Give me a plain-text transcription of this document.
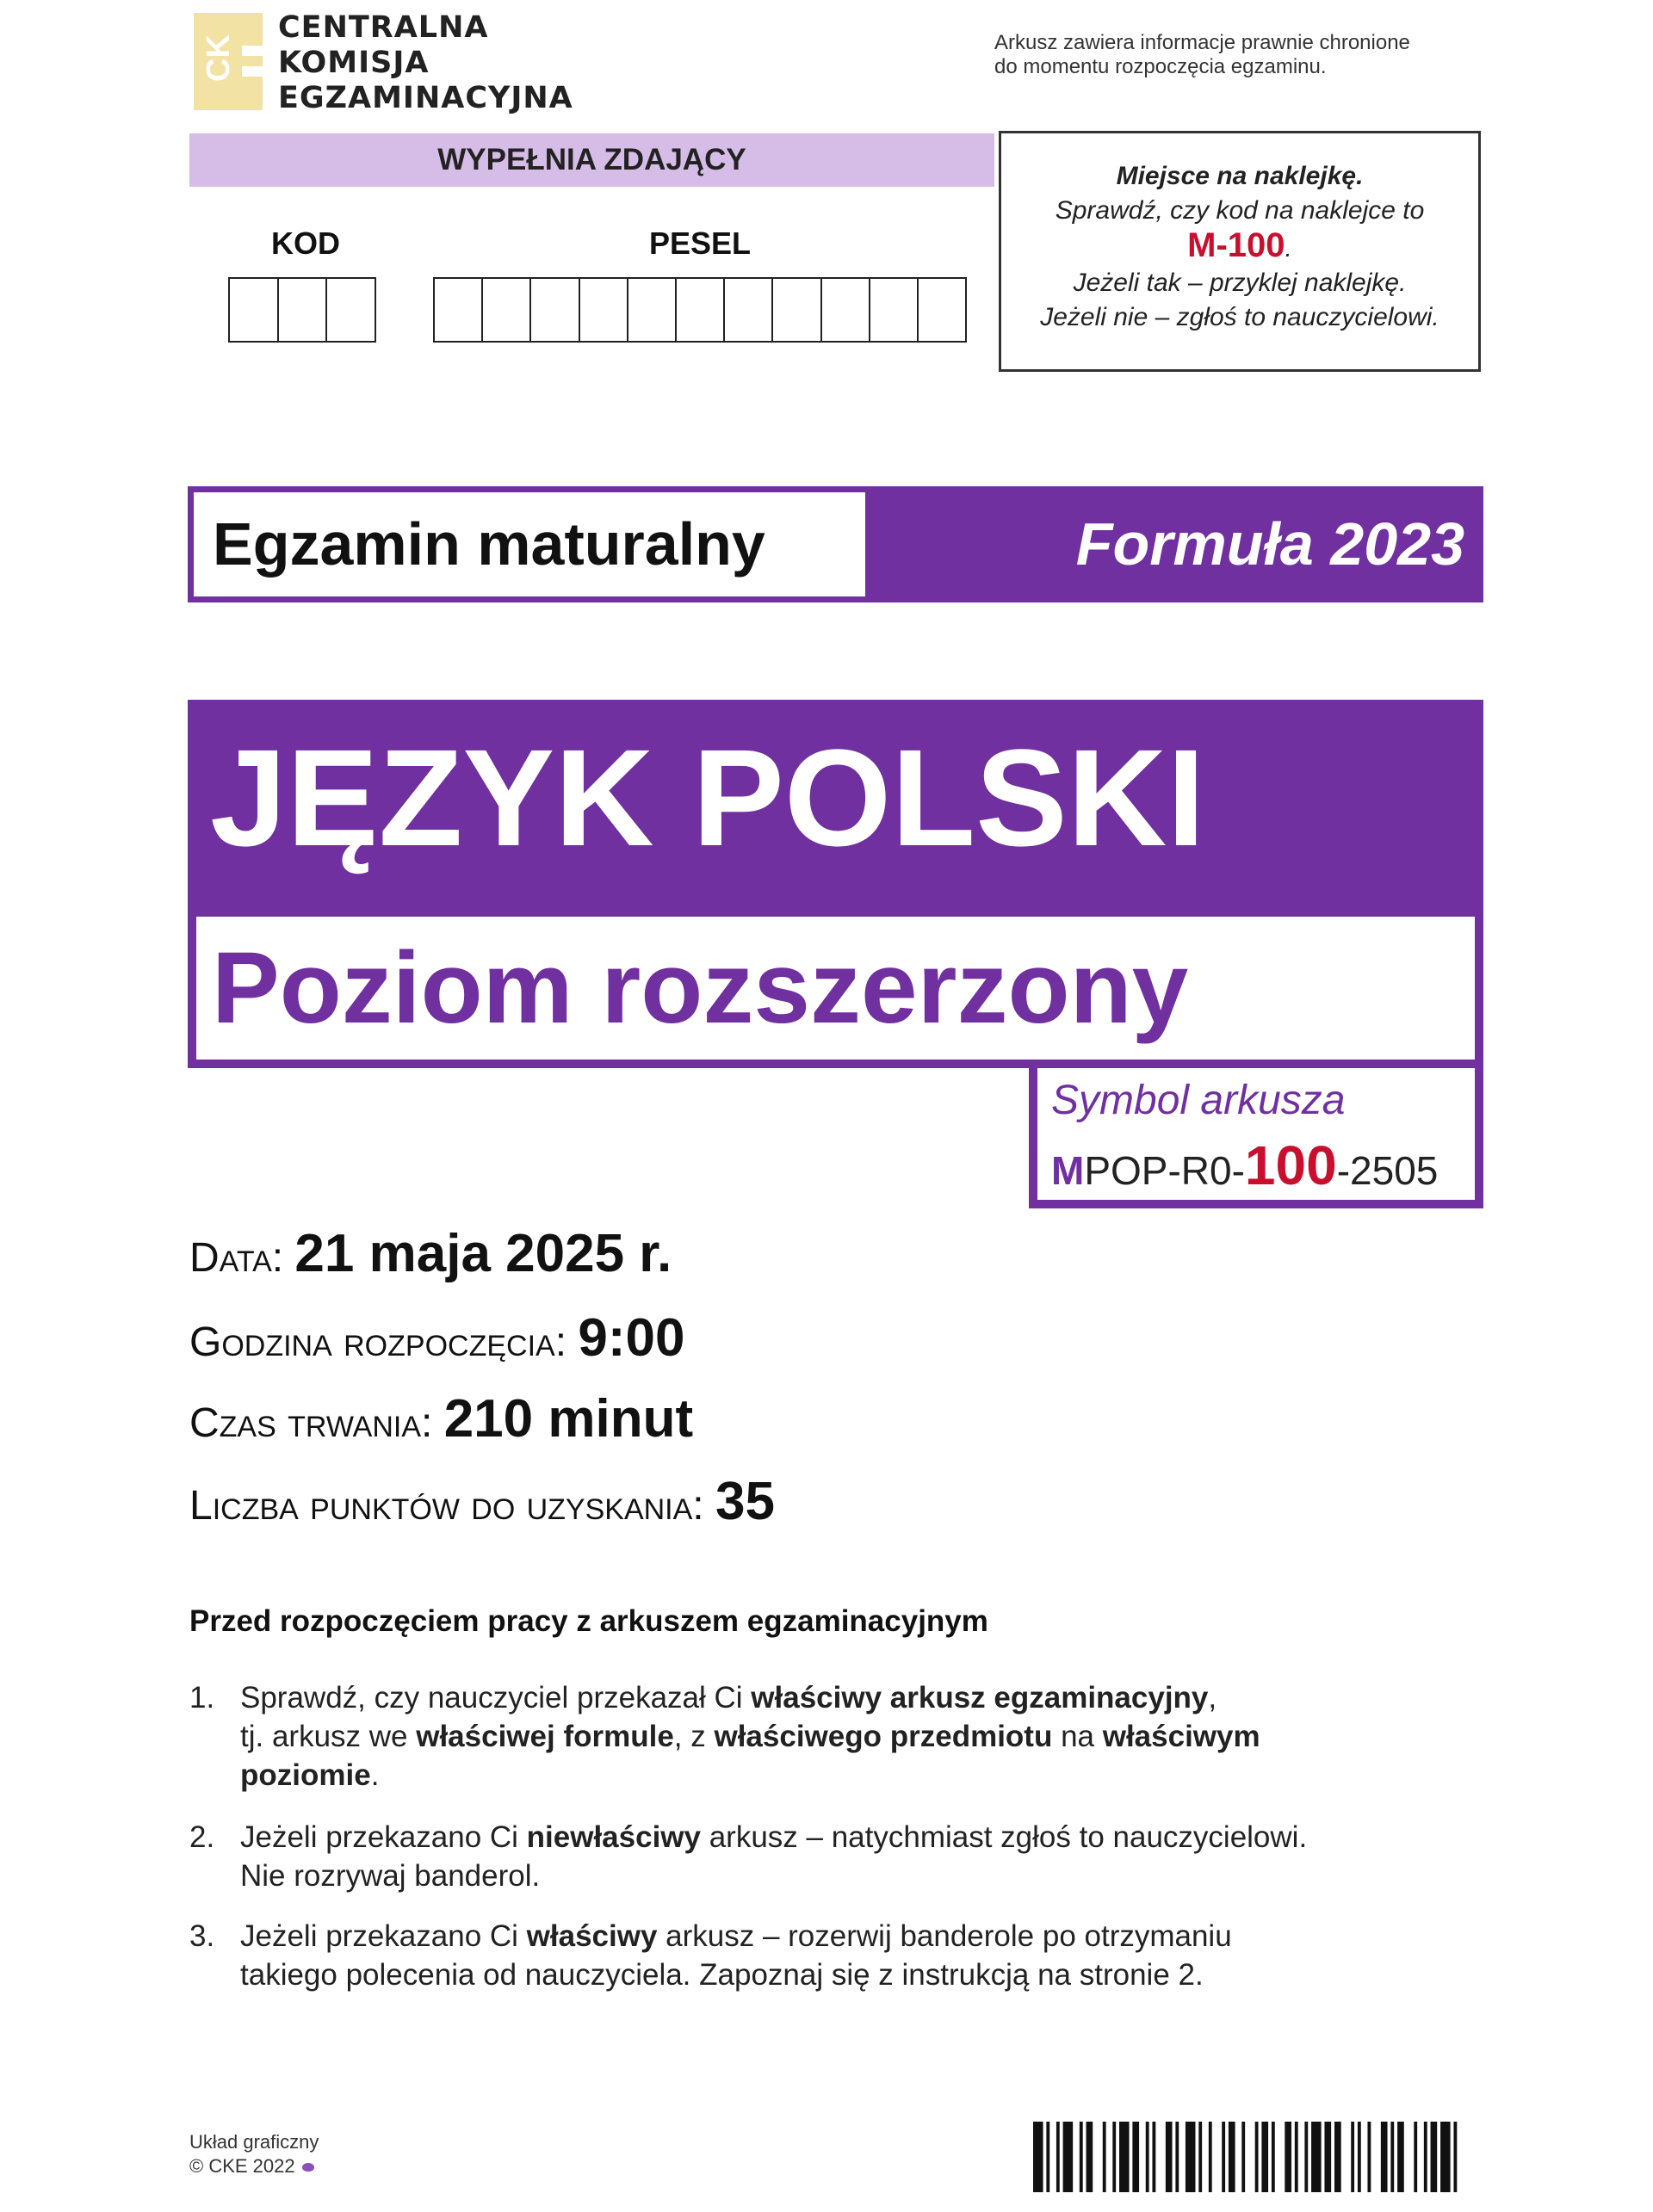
CK
CENTRALNA
KOMISJA
EGZAMINACYJNA
Arkusz zawiera informacje prawnie chronione
do momentu rozpoczęcia egzaminu.
WYPEŁNIA ZDAJĄCY
KOD	PESEL
Miejsce na naklejkę.
Sprawdź, czy kod na naklejce to
M-100.
Jeżeli tak – przyklej naklejkę.
Jeżeli nie – zgłoś to nauczycielowi.
Egzamin maturalny	Formuła 2023
JĘZYK POLSKI
Poziom rozszerzony
Symbol arkusza
MPOP-R0-100-2505
Data: 21 maja 2025 r.
Godzina rozpoczęcia: 9:00
Czas trwania: 210 minut
Liczba punktów do uzyskania: 35
Przed rozpoczęciem pracy z arkuszem egzaminacyjnym
1. Sprawdź, czy nauczyciel przekazał Ci właściwy arkusz egzaminacyjny,
tj. arkusz we właściwej formule, z właściwego przedmiotu na właściwym
poziomie.
2. Jeżeli przekazano Ci niewłaściwy arkusz – natychmiast zgłoś to nauczycielowi.
Nie rozrywaj banderol.
3. Jeżeli przekazano Ci właściwy arkusz – rozerwij banderole po otrzymaniu
takiego polecenia od nauczyciela. Zapoznaj się z instrukcją na stronie 2.
Układ graficzny
© CKE 2022
